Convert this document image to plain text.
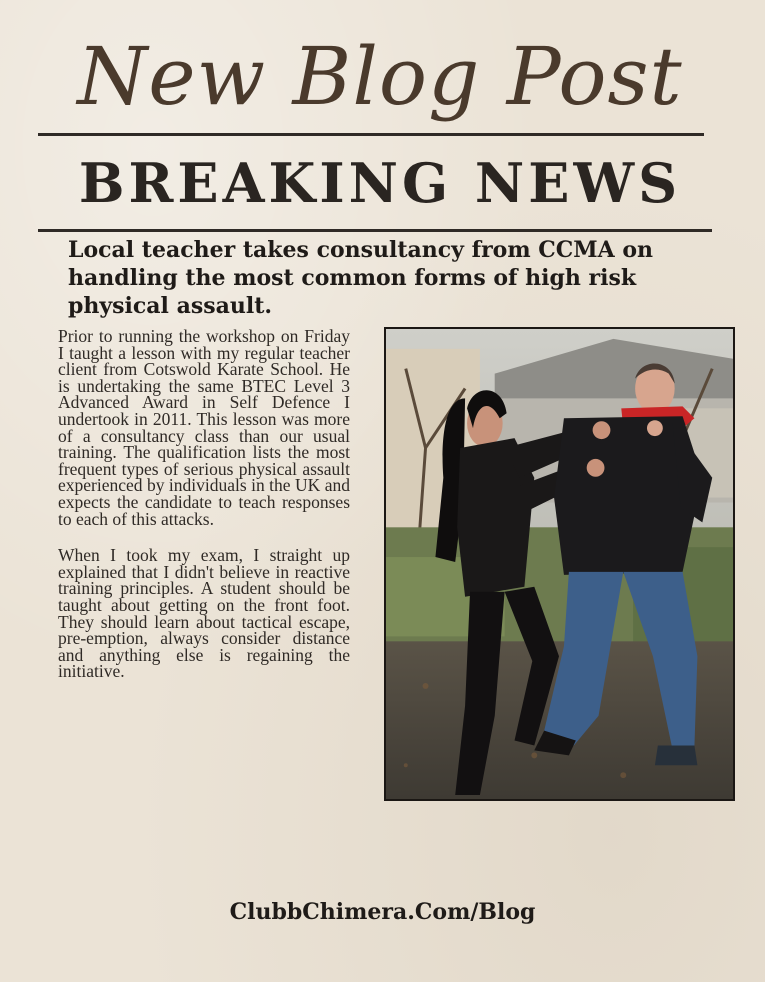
New Blog Post
BREAKING NEWS
Local teacher takes consultancy from CCMA on handling the most common forms of high risk physical assault.

Prior to running the workshop on Friday I taught a lesson with my regular teacher client from Cotswold Karate School. He is undertaking the same BTEC Level 3 Advanced Award in Self Defence I undertook in 2011. This lesson was more of a consultancy class than our usual training. The qualification lists the most frequent types of serious physical assault experienced by individuals in the UK and expects the candidate to teach responses to each of this attacks.

When I took my exam, I straight up explained that I didn't believe in reactive training principles. A student should be taught about getting on the front foot. They should learn about tactical escape, pre-emption, always consider distance and anything else is regaining the initiative.

ClubbChimera.Com/Blog
